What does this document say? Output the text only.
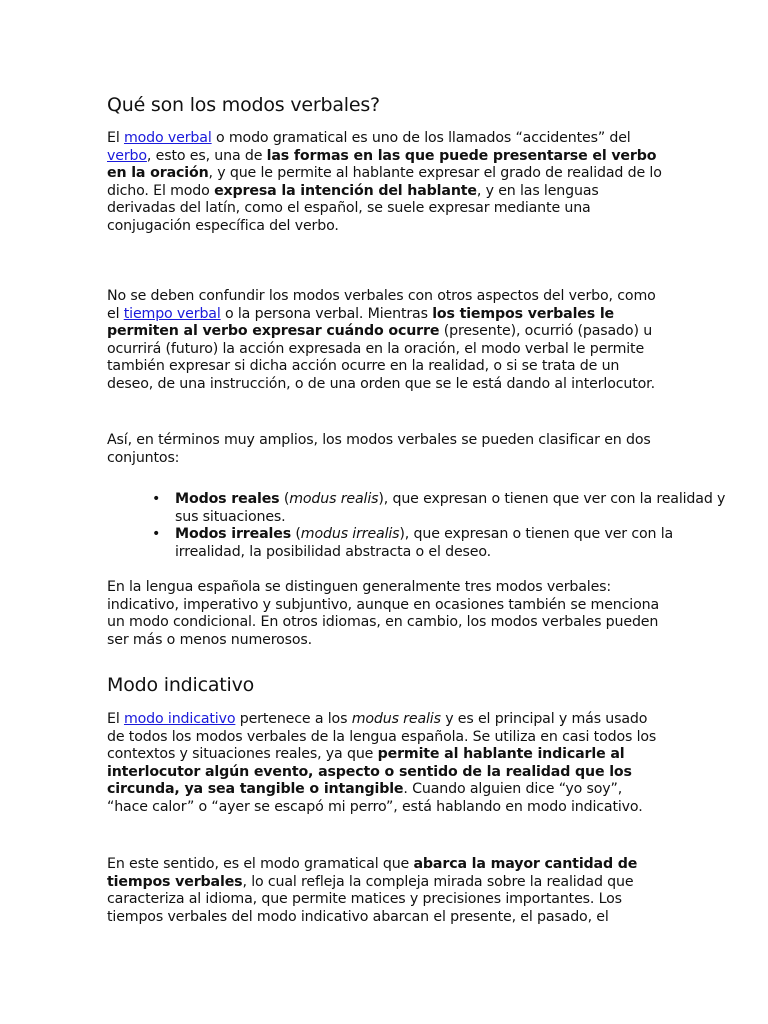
Qué son los modos verbales?

El modo verbal o modo gramatical es uno de los llamados “accidentes” del verbo, esto es, una de las formas en las que puede presentarse el verbo en la oración, y que le permite al hablante expresar el grado de realidad de lo dicho. El modo expresa la intención del hablante, y en las lenguas derivadas del latín, como el español, se suele expresar mediante una conjugación específica del verbo.

No se deben confundir los modos verbales con otros aspectos del verbo, como el tiempo verbal o la persona verbal. Mientras los tiempos verbales le permiten al verbo expresar cuándo ocurre (presente), ocurrió (pasado) u ocurrirá (futuro) la acción expresada en la oración, el modo verbal le permite también expresar si dicha acción ocurre en la realidad, o si se trata de un deseo, de una instrucción, o de una orden que se le está dando al interlocutor.

Así, en términos muy amplios, los modos verbales se pueden clasificar en dos conjuntos:

• Modos reales (modus realis), que expresan o tienen que ver con la realidad y sus situaciones.
• Modos irreales (modus irrealis), que expresan o tienen que ver con la irrealidad, la posibilidad abstracta o el deseo.

En la lengua española se distinguen generalmente tres modos verbales: indicativo, imperativo y subjuntivo, aunque en ocasiones también se menciona un modo condicional. En otros idiomas, en cambio, los modos verbales pueden ser más o menos numerosos.

Modo indicativo

El modo indicativo pertenece a los modus realis y es el principal y más usado de todos los modos verbales de la lengua española. Se utiliza en casi todos los contextos y situaciones reales, ya que permite al hablante indicarle al interlocutor algún evento, aspecto o sentido de la realidad que los circunda, ya sea tangible o intangible. Cuando alguien dice “yo soy”, “hace calor” o “ayer se escapó mi perro”, está hablando en modo indicativo.

En este sentido, es el modo gramatical que abarca la mayor cantidad de tiempos verbales, lo cual refleja la compleja mirada sobre la realidad que caracteriza al idioma, que permite matices y precisiones importantes. Los tiempos verbales del modo indicativo abarcan el presente, el pasado, el
